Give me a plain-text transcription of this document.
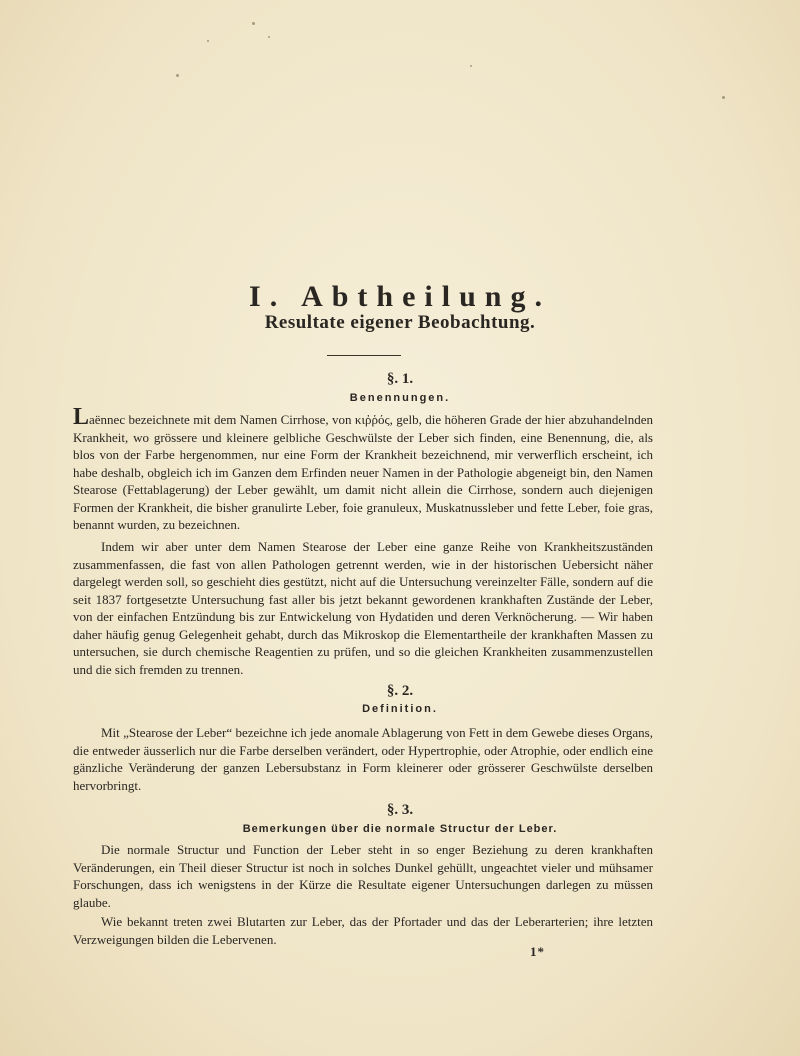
I. Abtheilung.
Resultate eigener Beobachtung.
§. 1.
Benennungen.
Laënnec bezeichnete mit dem Namen Cirrhose, von κιῤῥός, gelb, die höheren Grade der hier abzuhandelnden Krankheit, wo grössere und kleinere gelbliche Geschwülste der Leber sich finden, eine Benennung, die, als blos von der Farbe hergenommen, nur eine Form der Krankheit bezeichnend, mir verwerflich erscheint, ich habe deshalb, obgleich ich im Ganzen dem Erfinden neuer Namen in der Pathologie abgeneigt bin, den Namen Stearose (Fettablagerung) der Leber gewählt, um damit nicht allein die Cirrhose, sondern auch diejenigen Formen der Krankheit, die bisher granulirte Leber, foie granuleux, Muskatnussleber und fette Leber, foie gras, benannt wurden, zu bezeichnen.
Indem wir aber unter dem Namen Stearose der Leber eine ganze Reihe von Krankheitszuständen zusammenfassen, die fast von allen Pathologen getrennt werden, wie in der historischen Uebersicht näher dargelegt werden soll, so geschieht dies gestützt, nicht auf die Untersuchung vereinzelter Fälle, sondern auf die seit 1837 fortgesetzte Untersuchung fast aller bis jetzt bekannt gewordenen krankhaften Zustände der Leber, von der einfachen Entzündung bis zur Entwickelung von Hydatiden und deren Verknöcherung. — Wir haben daher häufig genug Gelegenheit gehabt, durch das Mikroskop die Elementartheile der krankhaften Massen zu untersuchen, sie durch chemische Reagentien zu prüfen, und so die gleichen Krankheiten zusammenzustellen und die sich fremden zu trennen.
§. 2.
Definition.
Mit „Stearose der Leber“ bezeichne ich jede anomale Ablagerung von Fett in dem Gewebe dieses Organs, die entweder äusserlich nur die Farbe derselben verändert, oder Hypertrophie, oder Atrophie, oder endlich eine gänzliche Veränderung der ganzen Lebersubstanz in Form kleinerer oder grösserer Geschwülste derselben hervorbringt.
§. 3.
Bemerkungen über die normale Structur der Leber.
Die normale Structur und Function der Leber steht in so enger Beziehung zu deren krankhaften Veränderungen, ein Theil dieser Structur ist noch in solches Dunkel gehüllt, ungeachtet vieler und mühsamer Forschungen, dass ich wenigstens in der Kürze die Resultate eigener Untersuchungen darlegen zu müssen glaube.
Wie bekannt treten zwei Blutarten zur Leber, das der Pfortader und das der Leberarterien; ihre letzten Verzweigungen bilden die Lebervenen.
1*
